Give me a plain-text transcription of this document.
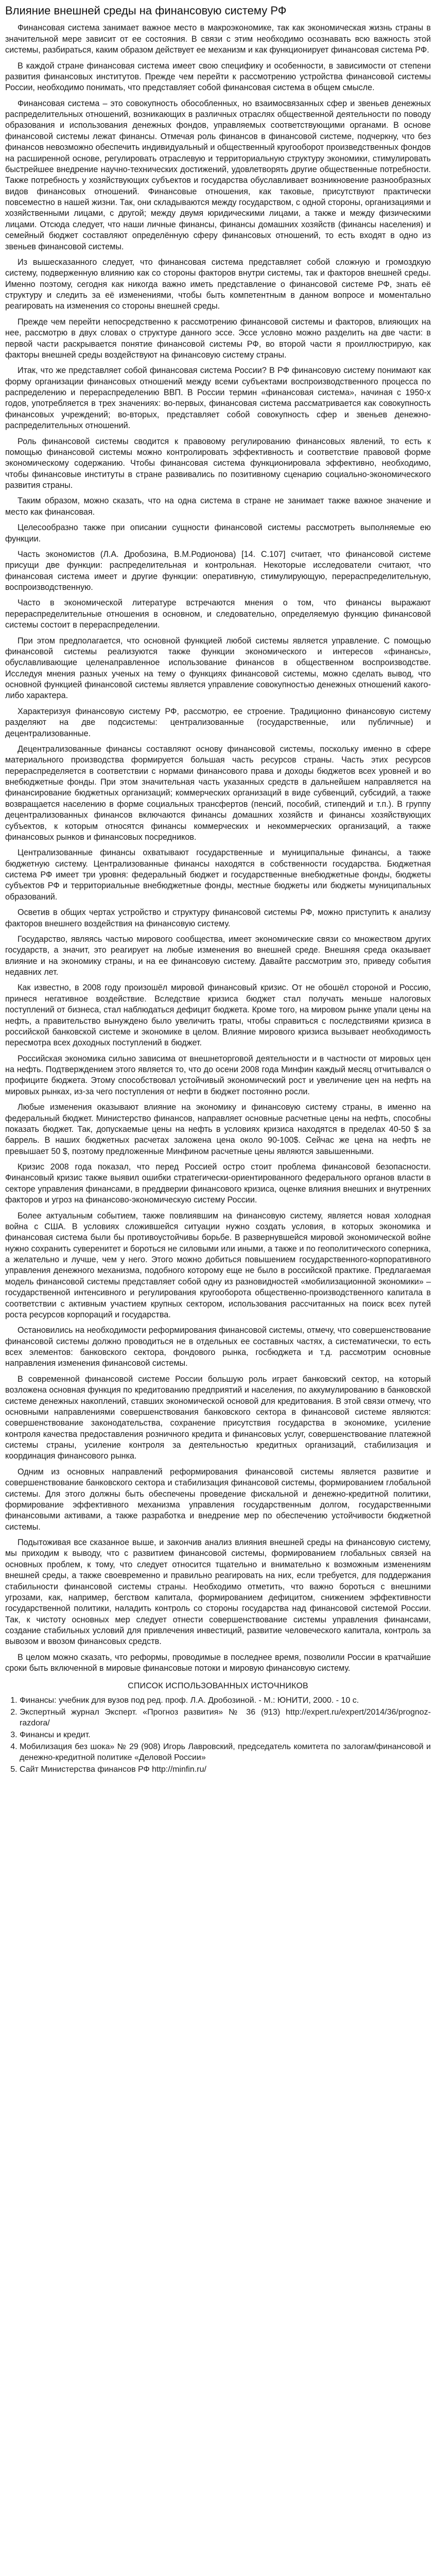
Влияние внешней среды на финансовую систему РФ

Финансовая система занимает важное место в макроэкономике, так как экономическая жизнь страны в значительной мере зависит от ее состояния. В связи с этим необходимо осознавать всю важность этой системы, разбираться, каким образом действует ее механизм и как функционирует финансовая система РФ.

В каждой стране финансовая система имеет свою специфику и особенности, в зависимости от степени развития финансовых институтов. Прежде чем перейти к рассмотрению устройства финансовой системы России, необходимо понимать, что представляет собой финансовая система в общем смысле.

Финансовая система – это совокупность обособленных, но взаимосвязанных сфер и звеньев денежных распределительных отношений, возникающих в различных отраслях общественной деятельности по поводу образования и использования денежных фондов, управляемых соответствующими органами. В основе финансовой системы лежат финансы. Отмечая роль финансов в финансовой системе, подчеркну, что без финансов невозможно обеспечить индивидуальный и общественный кругооборот произведственных фондов на расширенной основе, регулировать отраслевую и территориальную структуру экономики, стимулировать быстрейшее внедрение научно-технических достижений, удовлетворять другие общественные потребности. Также потребность у хозяйствующих субъектов и государства обуславливает возникновение разнообразных видов финансовых отношений. Финансовые отношения, как таковые, присутствуют практически повсеместно в нашей жизни. Так, они складываются между государством, с одной стороны, организациями и хозяйственными лицами, с другой; между двумя юридическими лицами, а также и между физическими лицами. Отсюда следует, что наши личные финансы, финансы домашних хозяйств (финансы населения) и семейный бюджет составляют определённую сферу финансовых отношений, то есть входят в одно из звеньев финансовой системы.

Из вышесказанного следует, что финансовая система представляет собой сложную и громоздкую систему, подверженную влиянию как со стороны факторов внутри системы, так и факторов внешней среды. Именно поэтому, сегодня как никогда важно иметь представление о финансовой системе РФ, знать её структуру и следить за её изменениями, чтобы быть компетентным в данном вопросе и моментально реагировать на изменения со стороны внешней среды.

Прежде чем перейти непосредственно к рассмотрению финансовой системы и факторов, влияющих на нее, рассмотрю в двух словах о структуре данного эссе. Эссе условно можно разделить на две части: в первой части раскрывается понятие финансовой системы РФ, во второй части я проиллюстрирую, как факторы внешней среды воздействуют на финансовую систему страны.

Итак, что же представляет собой финансовая система России? В РФ финансовую систему понимают как форму организации финансовых отношений между всеми субъектами воспроизводственного процесса по распределению и перераспределению ВВП. В России термин «финансовая система», начиная с 1950-х годов, употребляется в трех значениях: во-первых, финансовая система рассматривается как совокупность финансовых учреждений; во-вторых, представляет собой совокупность сфер и звеньев денежно-распределительных отношений.

Роль финансовой системы сводится к правовому регулированию финансовых явлений, то есть к помощью финансовой системы можно контролировать эффективность и соответствие правовой форме экономическому содержанию. Чтобы финансовая система функционировала эффективно, необходимо, чтобы финансовые институты в стране развивались по позитивному сценарию социально-экономического развития страны.

Таким образом, можно сказать, что на одна система в стране не занимает также важное значение и место как финансовая.

Целесообразно также при описании сущности финансовой системы рассмотреть выполняемые ею функции.

Часть экономистов (Л.А. Дробозина, В.М.Родионова) [14. С.107] считает, что финансовой системе присущи две функции: распределительная и контрольная. Некоторые исследователи считают, что финансовая система имеет и другие функции: оперативную, стимулирующую, перераспределительную, воспроизводственную.

Часто в экономической литературе встречаются мнения о том, что финансы выражают перераспределительные отношения в основном, и следовательно, определяемую функцию финансовой системы состоит в перераспределении.

При этом предполагается, что основной функцией любой системы является управление. С помощью финансовой системы реализуются также функции экономического и интересов «финансы», обуславливающие целенаправленное использование финансов в общественном воспроизводстве. Исследуя мнения разных ученых на тему о функциях финансовой системы, можно сделать вывод, что основной функцией финансовой системы является управление совокупностью денежных отношений какого-либо характера.

Характеризуя финансовую систему РФ, рассмотрю, ее строение. Традиционно финансовую систему разделяют на две подсистемы: централизованные (государственные, или публичные) и децентрализованные.

Децентрализованные финансы составляют основу финансовой системы, поскольку именно в сфере материального производства формируется большая часть ресурсов страны. Часть этих ресурсов перераспределяется в соответствии с нормами финансового права и доходы бюджетов всех уровней и во внебюджетные фонды. При этом значительная часть указанных средств в дальнейшем направляется на финансирование бюджетных организаций; коммерческих организаций в виде субвенций, субсидий, а также возвращается населению в форме социальных трансфертов (пенсий, пособий, стипендий и т.п.). В группу децентрализованных финансов включаются финансы домашних хозяйств и финансы хозяйствующих субъектов, к которым относятся финансы коммерческих и некоммерческих организаций, а также финансовых рынков и финансовых посредников.

Централизованные финансы охватывают государственные и муниципальные финансы, а также бюджетную систему. Централизованные финансы находятся в собственности государства. Бюджетная система РФ имеет три уровня: федеральный бюджет и государственные внебюджетные фонды, бюджеты субъектов РФ и территориальные внебюджетные фонды, местные бюджеты или бюджеты муниципальных образований.

Осветив в общих чертах устройство и структуру финансовой системы РФ, можно приступить к анализу факторов внешнего воздействия на финансовую систему.

Государство, являясь частью мирового сообщества, имеет экономические связи со множеством других государств, а значит, это реагирует на любые изменения во внешней среде. Внешняя среда оказывает влияние и на экономику страны, и на ее финансовую систему. Давайте рассмотрим это, приведу события недавних лет.

Как известно, в 2008 году произошёл мировой финансовый кризис. От не обошёл стороной и Россию, принеся негативное воздействие. Вследствие кризиса бюджет стал получать меньше налоговых поступлений от бизнеса, стал наблюдаться дефицит бюджета. Кроме того, на мировом рынке упали цены на нефть, а правительство вынуждено было увеличить траты, чтобы справиться с последствиями кризиса в российской банковской системе и экономике в целом. Влияние мирового кризиса вызывает необходимость пересмотра всех доходных поступлений в бюджет.

Российская экономика сильно зависима от внешнеторговой деятельности и в частности от мировых цен на нефть. Подтверждением этого является то, что до осени 2008 года Минфин каждый месяц отчитывался о профиците бюджета. Этому способствовал устойчивый экономический рост и увеличение цен на нефть на мировых рынках, из-за чего поступления от нефти в бюджет постоянно росли.

Любые изменения оказывают влияние на экономику и финансовую систему страны, в именно на федеральный бюджет. Министерство финансов, направляет основные расчетные цены на нефть, способны показать бюджет. Так, допускаемые цены на нефть в условиях кризиса находятся в пределах 40-50 $ за баррель. В наших бюджетных расчетах заложена цена около 90-100$. Сейчас же цена на нефть не превышает 50 $, поэтому предложенные Минфином расчетные цены являются завышенными.

Кризис 2008 года показал, что перед Россией остро стоит проблема финансовой безопасности. Финансовый кризис также выявил ошибки стратегически-ориентированного федерального органов власти в секторе управления финансами, в преддверии финансового кризиса, оценке влияния внешних и внутренних факторов и угроз на финансово-экономическую систему России.

Более актуальным событием, также повлиявшим на финансовую систему, является новая холодная война с США. В условиях сложившейся ситуации нужно создать условия, в которых экономика и финансовая система были бы противоустойчивы борьбе. В развернувшейся мировой экономической войне нужно сохранить суверенитет и бороться не силовыми или иными, а также и по геополитического соперника, а желательно и лучше, чем у него. Этого можно добиться повышением государственного-корпоративного управления денежного механизма, подобного которому еще не было в российской практике. Предлагаемая модель финансовой системы представляет собой одну из разновидностей «мобилизационной экономики» – государственной интенсивного и регулирования кругооборота общественно-производственного капитала в соответствии с активным участием крупных сектором, использования рассчитанных на поиск всех путей роста ресурсов корпораций и государства.

Остановились на необходимости реформирования финансовой системы, отмечу, что совершенствование финансовой системы должно проводиться не в отдельных ее составных частях, а систематически, то есть всех элементов: банковского сектора, фондового рынка, госбюджета и т.д. рассмотрим основные направления изменения финансовой системы.

В современной финансовой системе России большую роль играет банковский сектор, на который возложена основная функция по кредитованию предприятий и населения, по аккумулированию в банковской системе денежных накоплений, ставших экономической основой для кредитования. В этой связи отмечу, что основными направлениями совершенствования банковского сектора в финансовой системе являются: совершенствование законодательства, сохранение присутствия государства в экономике, усиление контроля качества предоставления розничного кредита и финансовых услуг, совершенствование платежной системы страны, усиление контроля за деятельностью кредитных организаций, стабилизация и координация финансового рынка.

Одним из основных направлений реформирования финансовой системы является развитие и совершенствование банковского сектора и стабилизация финансовой системы, формированием глобальной системы. Для этого должны быть обеспечены проведение фискальной и денежно-кредитной политики, формирование эффективного механизма управления государственным долгом, государственными финансовыми активами, а также разработка и внедрение мер по обеспечению устойчивости бюджетной системы.

Подытоживая все сказанное выше, и закончив анализ влияния внешней среды на финансовую систему, мы приходим к выводу, что с развитием финансовой системы, формированием глобальных связей на основных проблем, к тому, что следует относится тщательно и внимательно к возможным изменениям внешней среды, а также своевременно и правильно реагировать на них, если требуется, для поддержания стабильности финансовой системы страны. Необходимо отметить, что важно бороться с внешними угрозами, как, например, бегством капитала, формированием дефицитом, снижением эффективности государственной политики, наладить контроль со стороны государства над финансовой системой России. Так, к чистоту основных мер следует отнести совершенствование системы управления финансами, создание стабильных условий для привлечения инвестиций, развитие человеческого капитала, контроль за вывозом и ввозом финансовых средств.

В целом можно сказать, что реформы, проводимые в последнее время, позволили России в кратчайшие сроки быть включенной в мировые финансовые потоки и мировую финансовую систему.

СПИСОК ИСПОЛЬЗОВАННЫХ ИСТОЧНИКОВ
1. Финансы: учебник для вузов под ред. проф. Л.А. Дробозиной. - М.: ЮНИТИ, 2000. - 10 с.
2. Экспертный журнал Эксперт. «Прогноз развития» № 36 (913) http://expert.ru/expert/2014/36/prognoz-razdora/
3. Финансы и кредит.
4. Мобилизация без шока» № 29 (908) Игорь Лавровский, председатель комитета по залогам/финансовой и денежно-кредитной политике «Деловой России»
5. Сайт Министерства финансов РФ http://minfin.ru/
